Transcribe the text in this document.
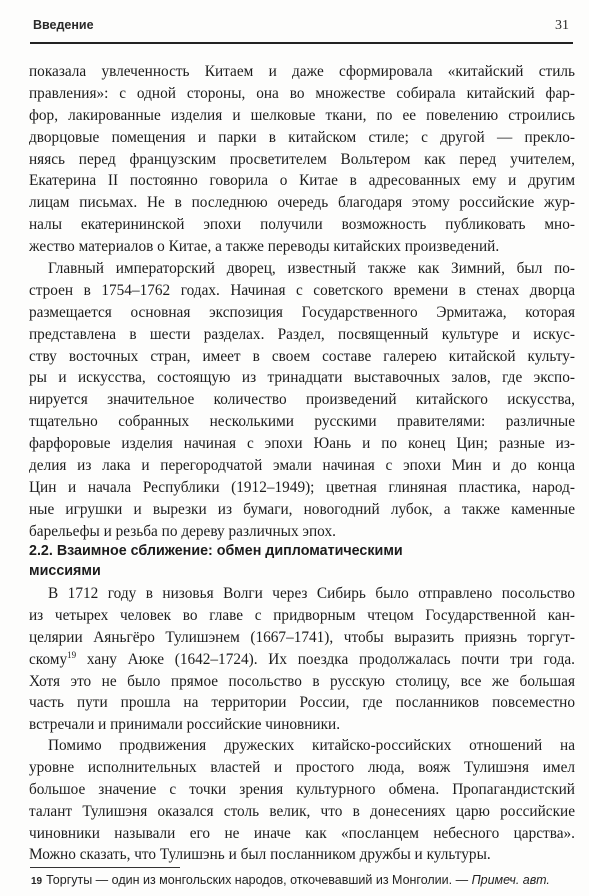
Введение	31
показала увлеченность Китаем и даже сформировала «китайский стиль
правления»: с одной стороны, она во множестве собирала китайский фар-
фор, лакированные изделия и шелковые ткани, по ее повелению строились
дворцовые помещения и парки в китайском стиле; с другой — преклo-
няясь перед французским просветителем Вольтером как перед учителем,
Екатерина II постоянно говорила о Китае в адресованных ему и другим
лицам письмах. Не в последнюю очередь благодаря этому российские жур-
налы екатерининской эпохи получили возможность публиковать мно-
жество материалов о Китае, а также переводы китайских произведений.
Главный императорский дворец, известный также как Зимний, был по-
строен в 1754–1762 годах. Начиная с советского времени в стенах дворца
размещается основная экспозиция Государственного Эрмитажа, которая
представлена в шести разделах. Раздел, посвященный культуре и искус-
ству восточных стран, имеет в своем составе галерею китайской культу-
ры и искусства, состоящую из тринадцати выставочных залов, где экспо-
нируется значительное количество произведений китайского искусства,
тщательно собранных несколькими русскими правителями: различные
фарфоровые изделия начиная с эпохи Юань и по конец Цин; разные из-
делия из лака и перегородчатой эмали начиная с эпохи Мин и до конца
Цин и начала Республики (1912–1949); цветная глиняная пластика, народ-
ные игрушки и вырезки из бумаги, новогодний лубок, а также каменные
барельефы и резьба по дереву различных эпох.
2.2. Взаимное сближение: обмен дипломатическими
миссиями
В 1712 году в низовья Волги через Сибирь было отправлено посольство
из четырех человек во главе с придворным чтецом Государственной кан-
целярии Аяньгёро Тулишэнем (1667–1741), чтобы выразить приязнь торгут-
скому$^{19}$ хану Аюке (1642–1724). Их поездка продолжалась почти три года.
Хотя это не было прямое посольство в русскую столицу, все же большая
часть пути прошла на территории России, где посланников повсеместно
встречали и принимали российские чиновники.
Помимо продвижения дружеских китайско-российских отношений на
уровне исполнительных властей и простого люда, вояж Тулишэня имел
большое значение с точки зрения культурного обмена. Пропагандистский
талант Тулишэня оказался столь велик, что в донесениях царю российские
чиновники называли его не иначе как «посланцем небесного царства».
Можно сказать, что Тулишэнь и был посланником дружбы и культуры.
19 Торгуты — один из монгольских народов, откочевавший из Монголии. — Примеч. авт.
